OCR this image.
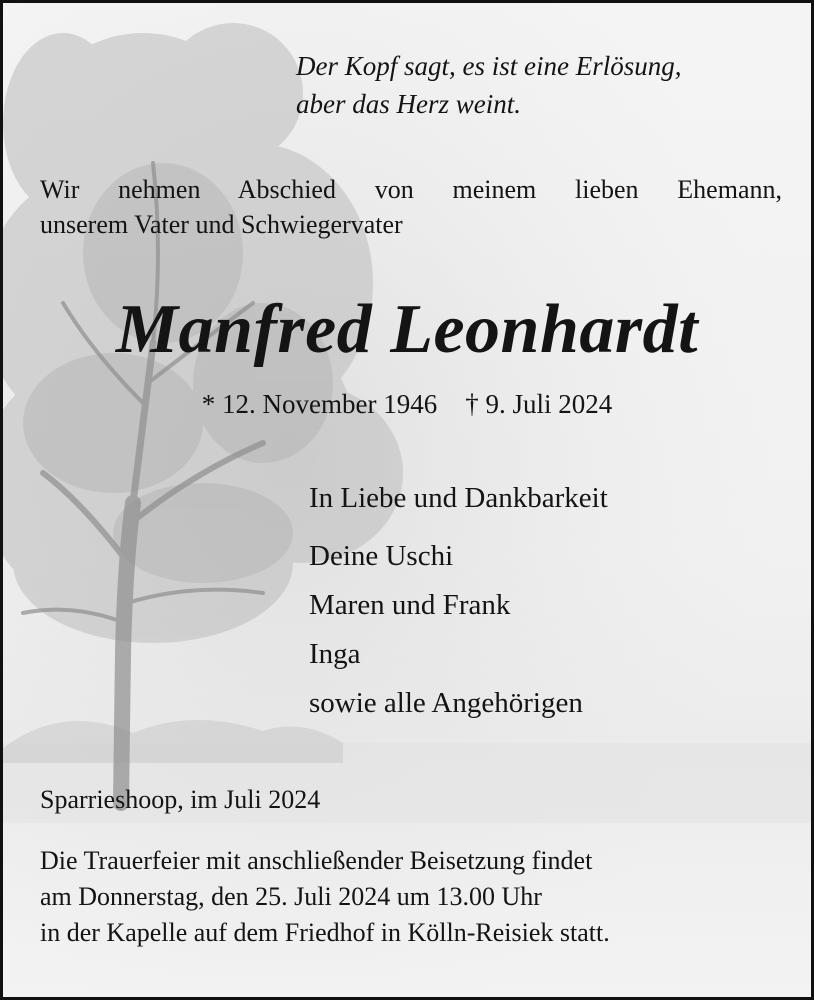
Der Kopf sagt, es ist eine Erlösung,
aber das Herz weint.

Wir nehmen Abschied von meinem lieben Ehemann,
unserem Vater und Schwiegervater

Manfred Leonhardt

* 12. November 1946 † 9. Juli 2024

In Liebe und Dankbarkeit
Deine Uschi
Maren und Frank
Inga
sowie alle Angehörigen

Sparrieshoop, im Juli 2024

Die Trauerfeier mit anschließender Beisetzung findet
am Donnerstag, den 25. Juli 2024 um 13.00 Uhr
in der Kapelle auf dem Friedhof in Kölln-Reisiek statt.
